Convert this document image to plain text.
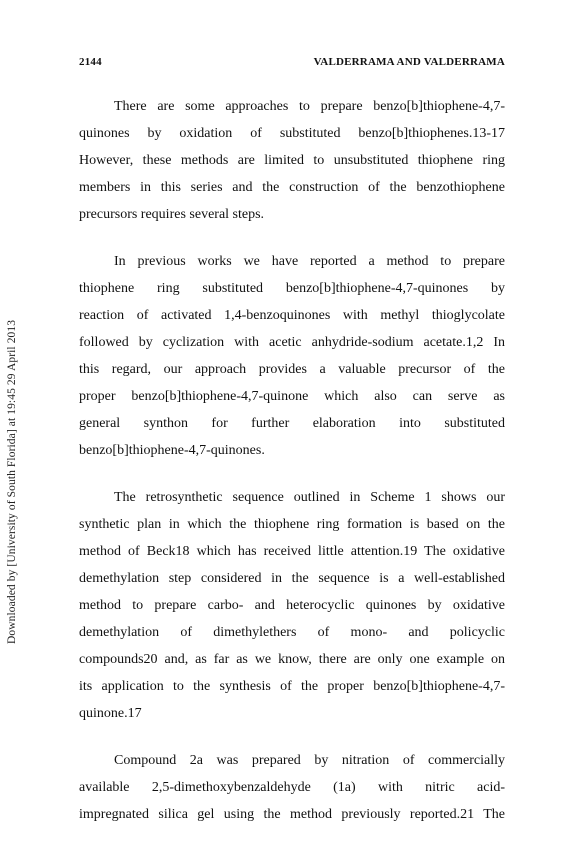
2144	VALDERRAMA AND VALDERRAMA
Downloaded by [University of South Florida] at 19:45 29 April 2013
There are some approaches to prepare benzo[b]thiophene-4,7-
quinones by oxidation of substituted benzo[b]thiophenes.13-17
However, these methods are limited to unsubstituted thiophene ring
members in this series and the construction of the benzothiophene
precursors requires several steps.
In previous works we have reported a method to prepare
thiophene ring substituted benzo[b]thiophene-4,7-quinones by
reaction of activated 1,4-benzoquinones with methyl thioglycolate
followed by cyclization with acetic anhydride-sodium acetate.1,2 In
this regard, our approach provides a valuable precursor of the
proper benzo[b]thiophene-4,7-quinone which also can serve as
general synthon for further elaboration into substituted
benzo[b]thiophene-4,7-quinones.
The retrosynthetic sequence outlined in Scheme 1 shows our
synthetic plan in which the thiophene ring formation is based on the
method of Beck18 which has received little attention.19 The oxidative
demethylation step considered in the sequence is a well-established
method to prepare carbo- and heterocyclic quinones by oxidative
demethylation of dimethylethers of mono- and policyclic
compounds20 and, as far as we know, there are only one example on
its application to the synthesis of the proper benzo[b]thiophene-4,7-
quinone.17
Compound 2a was prepared by nitration of commercially
available 2,5-dimethoxybenzaldehyde (1a) with nitric acid-
impregnated silica gel using the method previously reported.21 The
